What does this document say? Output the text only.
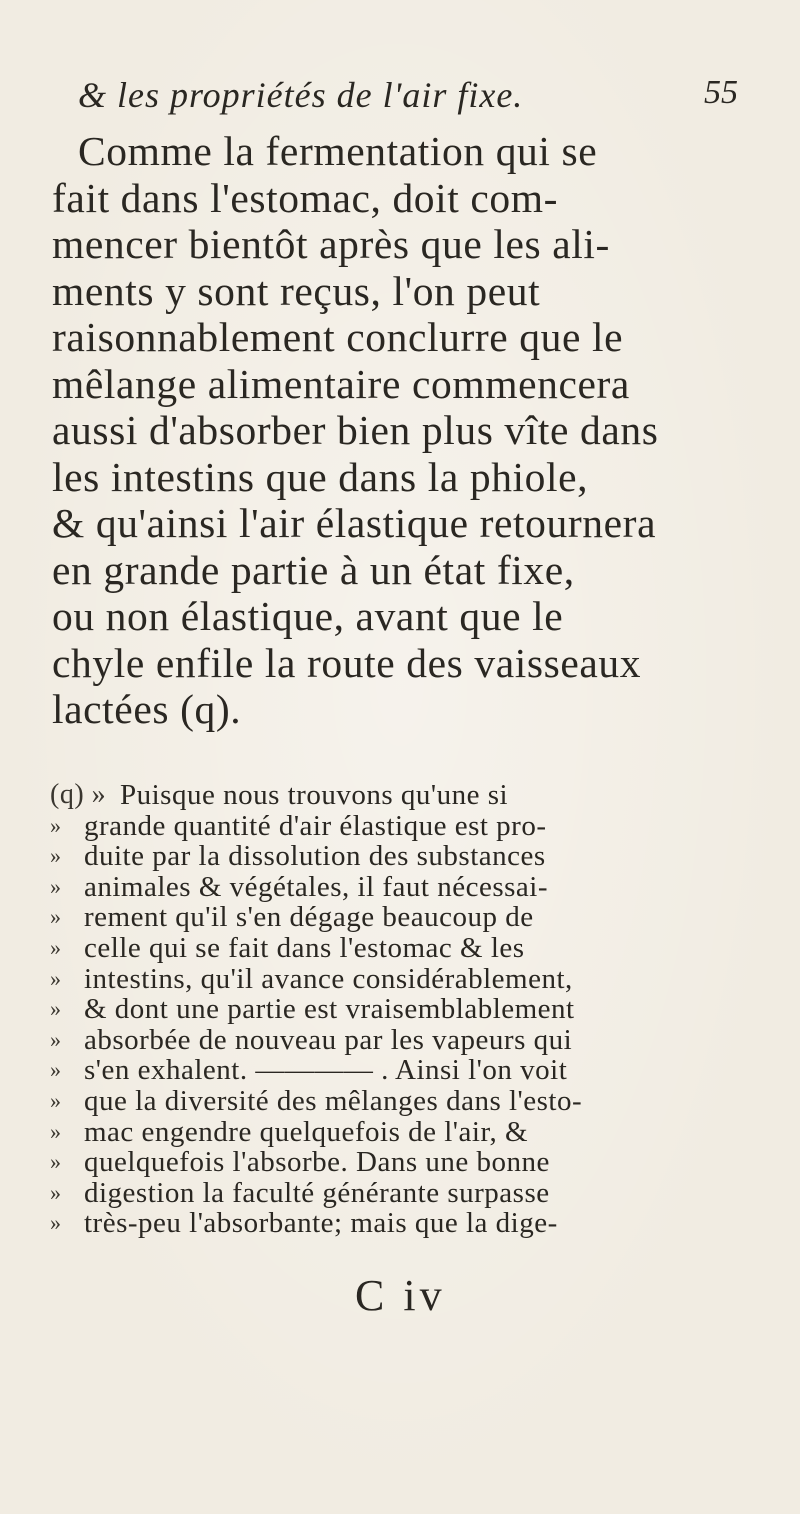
& les propriétés de l'air fixe.	55
Comme la fermentation qui se
fait dans l'estomac, doit com-
mencer bientôt après que les ali-
ments y sont reçus, l'on peut
raisonnablement conclurre que le
mêlange alimentaire commencera
aussi d'absorber bien plus vîte dans
les intestins que dans la phiole,
& qu'ainsi l'air élastique retournera
en grande partie à un état fixe,
ou non élastique, avant que le
chyle enfile la route des vaisseaux
lactées (q).
(q) » Puisque nous trouvons qu'une si
» grande quantité d'air élastique est pro-
» duite par la dissolution des substances
» animales & végétales, il faut nécessai-
» rement qu'il s'en dégage beaucoup de
» celle qui se fait dans l'estomac & les
» intestins, qu'il avance considérablement,
» & dont une partie est vraisemblablement
» absorbée de nouveau par les vapeurs qui
» s'en exhalent. ———— . Ainsi l'on voit
» que la diversité des mêlanges dans l'esto-
» mac engendre quelquefois de l'air, &
» quelquefois l'absorbe. Dans une bonne
» digestion la faculté générante surpasse
» très-peu l'absorbante; mais que la dige-
C iv
